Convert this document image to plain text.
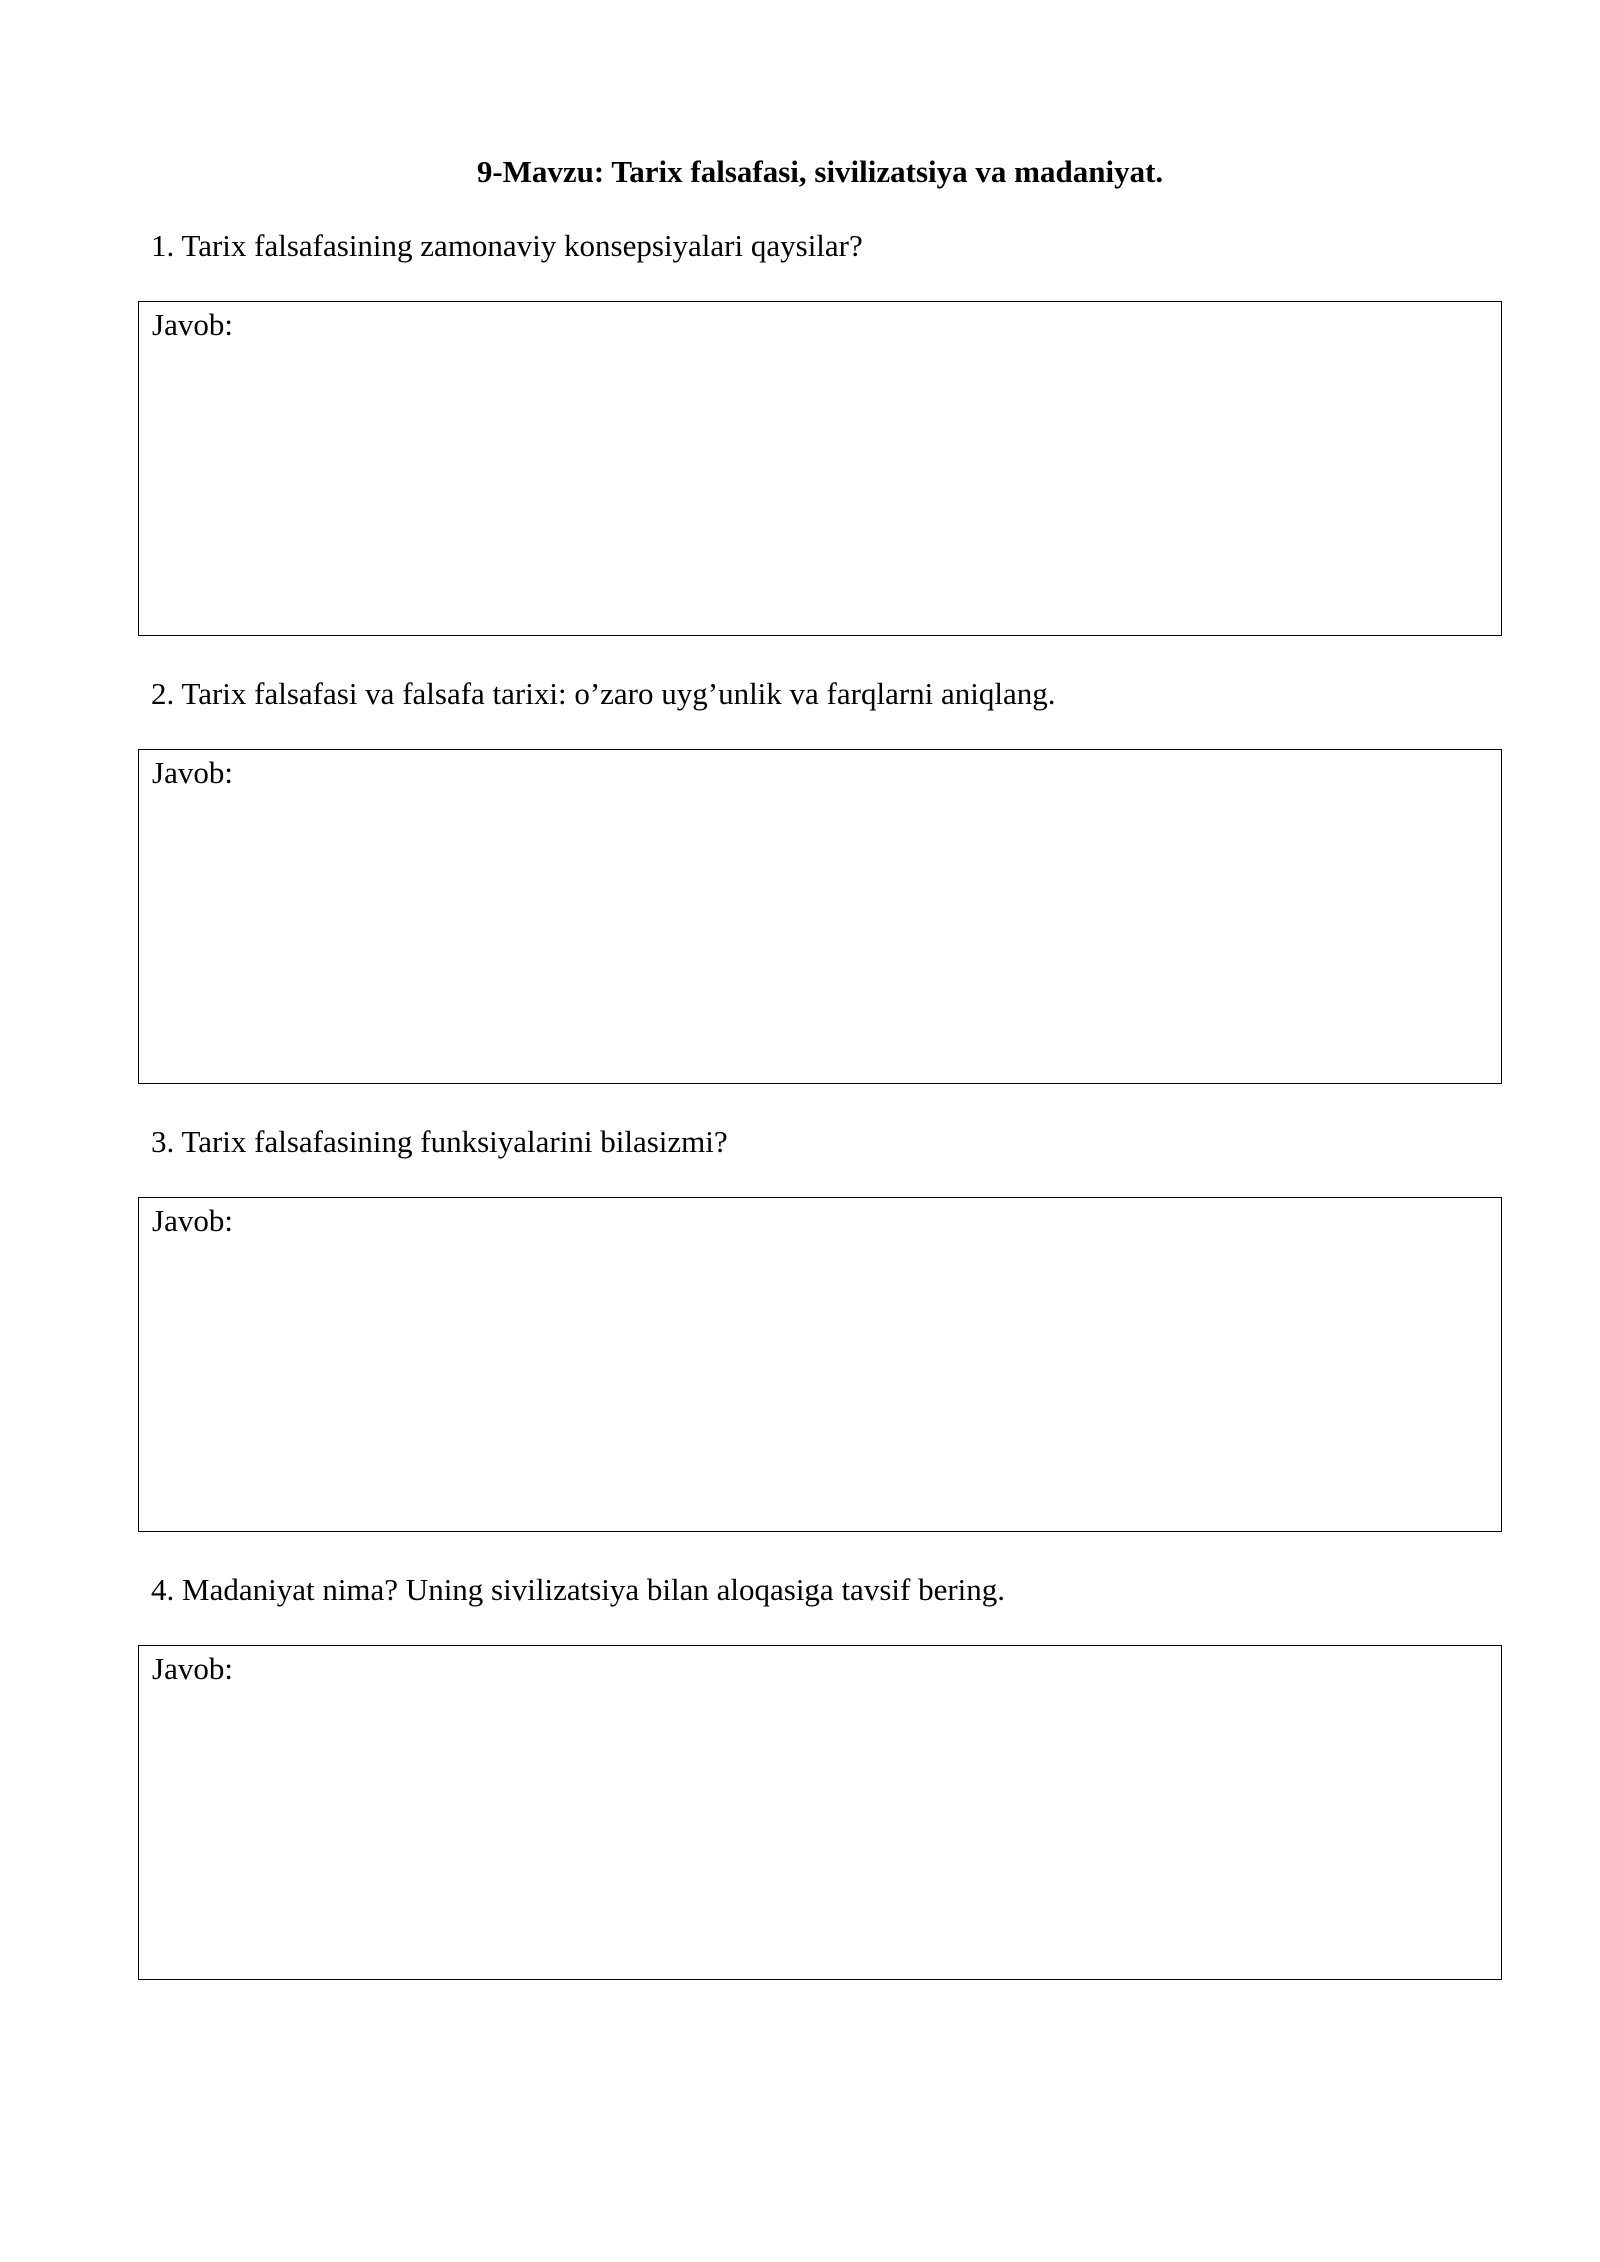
9-Mavzu: Tarix falsafasi, sivilizatsiya va madaniyat.
1. Tarix falsafasining zamonaviy konsepsiyalari qaysilar?
Javob:
2. Tarix falsafasi va falsafa tarixi: o’zaro uyg’unlik va farqlarni aniqlang.
Javob:
3. Tarix falsafasining funksiyalarini bilasizmi?
Javob:
4. Madaniyat nima? Uning sivilizatsiya bilan aloqasiga tavsif bering.
Javob:
